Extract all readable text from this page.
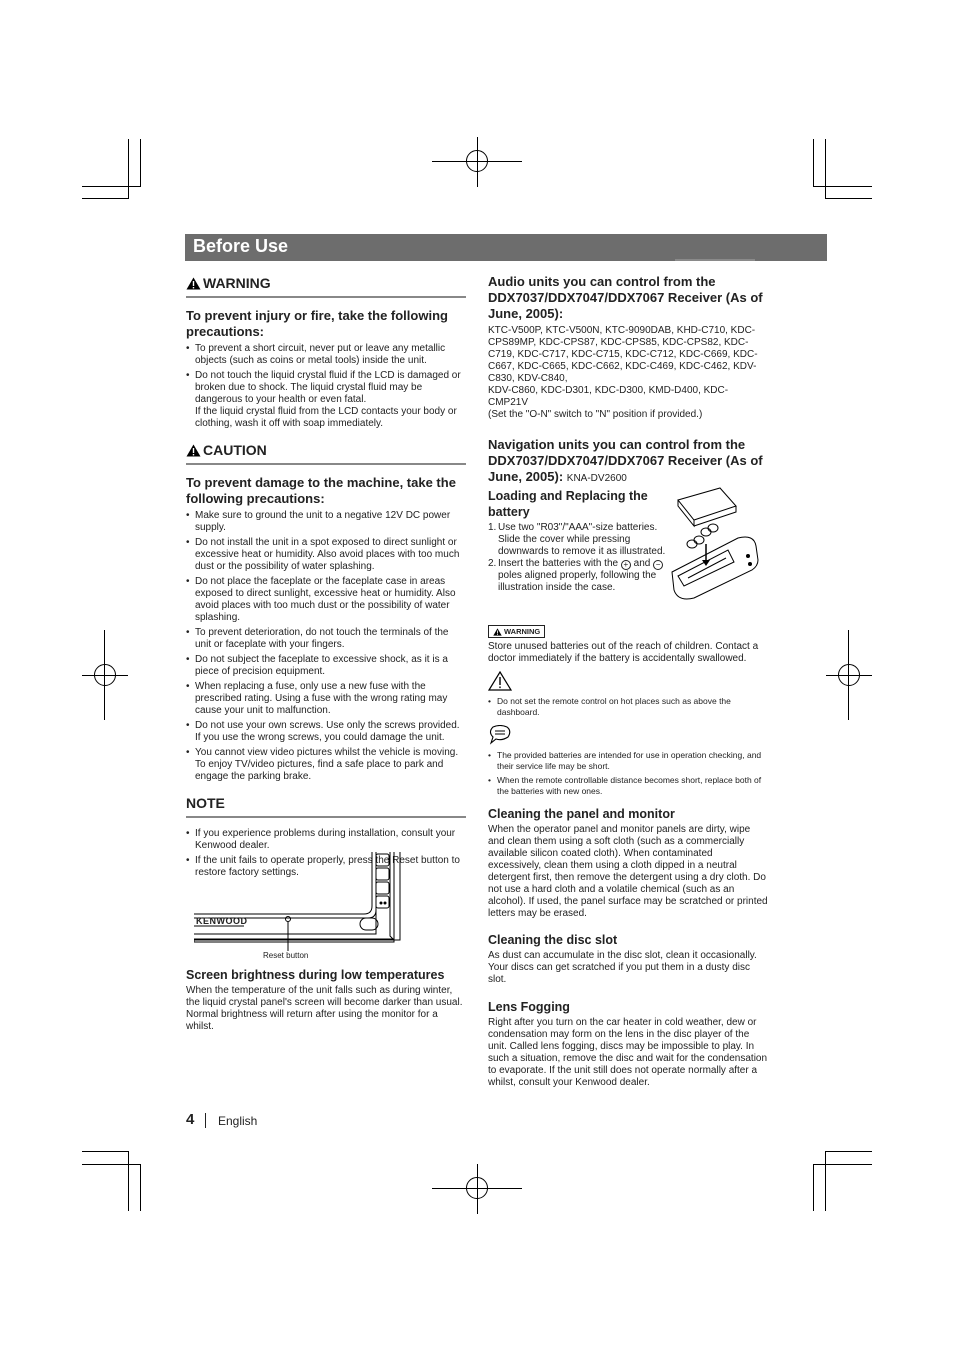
Before Use
WARNING
To prevent injury or fire, take the following precautions:
• To prevent a short circuit, never put or leave any metallic objects (such as coins or metal tools) inside the unit.
• Do not touch the liquid crystal fluid if the LCD is damaged or broken due to shock. The liquid crystal fluid may be dangerous to your health or even fatal.
If the liquid crystal fluid from the LCD contacts your body or clothing, wash it off with soap immediately.
CAUTION
To prevent damage to the machine, take the following precautions:
• Make sure to ground the unit to a negative 12V DC power supply.
• Do not install the unit in a spot exposed to direct sunlight or excessive heat or humidity. Also avoid places with too much dust or the possibility of water splashing.
• Do not place the faceplate or the faceplate case in areas exposed to direct sunlight, excessive heat or humidity. Also avoid places with too much dust or the possibility of water splashing.
• To prevent deterioration, do not touch the terminals of the unit or faceplate with your fingers.
• Do not subject the faceplate to excessive shock, as it is a piece of precision equipment.
• When replacing a fuse, only use a new fuse with the prescribed rating. Using a fuse with the wrong rating may cause your unit to malfunction.
• Do not use your own screws. Use only the screws provided. If you use the wrong screws, you could damage the unit.
• You cannot view video pictures whilst the vehicle is moving. To enjoy TV/video pictures, find a safe place to park and engage the parking brake.
NOTE
• If you experience problems during installation, consult your Kenwood dealer.
• If the unit fails to operate properly, press the Reset button to restore factory settings.
KENWOOD
Reset button
Screen brightness during low temperatures
When the temperature of the unit falls such as during winter, the liquid crystal panel's screen will become darker than usual. Normal brightness will return after using the monitor for a whilst.
Audio units you can control from the DDX7037/DDX7047/DDX7067 Receiver (As of June, 2005):
KTC-V500P, KTC-V500N, KTC-9090DAB, KHD-C710, KDC-CPS89MP, KDC-CPS87, KDC-CPS85, KDC-CPS82, KDC-C719, KDC-C717, KDC-C715, KDC-C712, KDC-C669, KDC-C667, KDC-C665, KDC-C662, KDC-C469, KDC-C462, KDV-C830, KDV-C840,
KDV-C860, KDC-D301, KDC-D300, KMD-D400, KDC-CMP21V
(Set the "O-N" switch to "N" position if provided.)
Navigation units you can control from the DDX7037/DDX7047/DDX7067 Receiver (As of June, 2005): KNA-DV2600
Loading and Replacing the battery
1. Use two "R03"/"AAA"-size batteries. Slide the cover while pressing downwards to remove it as illustrated.
2. Insert the batteries with the + and − poles aligned properly, following the illustration inside the case.
WARNING
Store unused batteries out of the reach of children. Contact a doctor immediately if the battery is accidentally swallowed.
• Do not set the remote control on hot places such as above the dashboard.
• The provided batteries are intended for use in operation checking, and their service life may be short.
• When the remote controllable distance becomes short, replace both of the batteries with new ones.
Cleaning the panel and monitor
When the operator panel and monitor panels are dirty, wipe and clean them using a soft cloth (such as a commercially available silicon coated cloth). When contaminated excessively, clean them using a cloth dipped in a neutral detergent first, then remove the detergent using a dry cloth. Do not use a hard cloth and a volatile chemical (such as an alcohol). If used, the panel surface may be scratched or printed letters may be erased.
Cleaning the disc slot
As dust can accumulate in the disc slot, clean it occasionally. Your discs can get scratched if you put them in a dusty disc slot.
Lens Fogging
Right after you turn on the car heater in cold weather, dew or condensation may form on the lens in the disc player of the unit. Called lens fogging, discs may be impossible to play. In such a situation, remove the disc and wait for the condensation to evaporate. If the unit still does not operate normally after a whilst, consult your Kenwood dealer.
4 English
